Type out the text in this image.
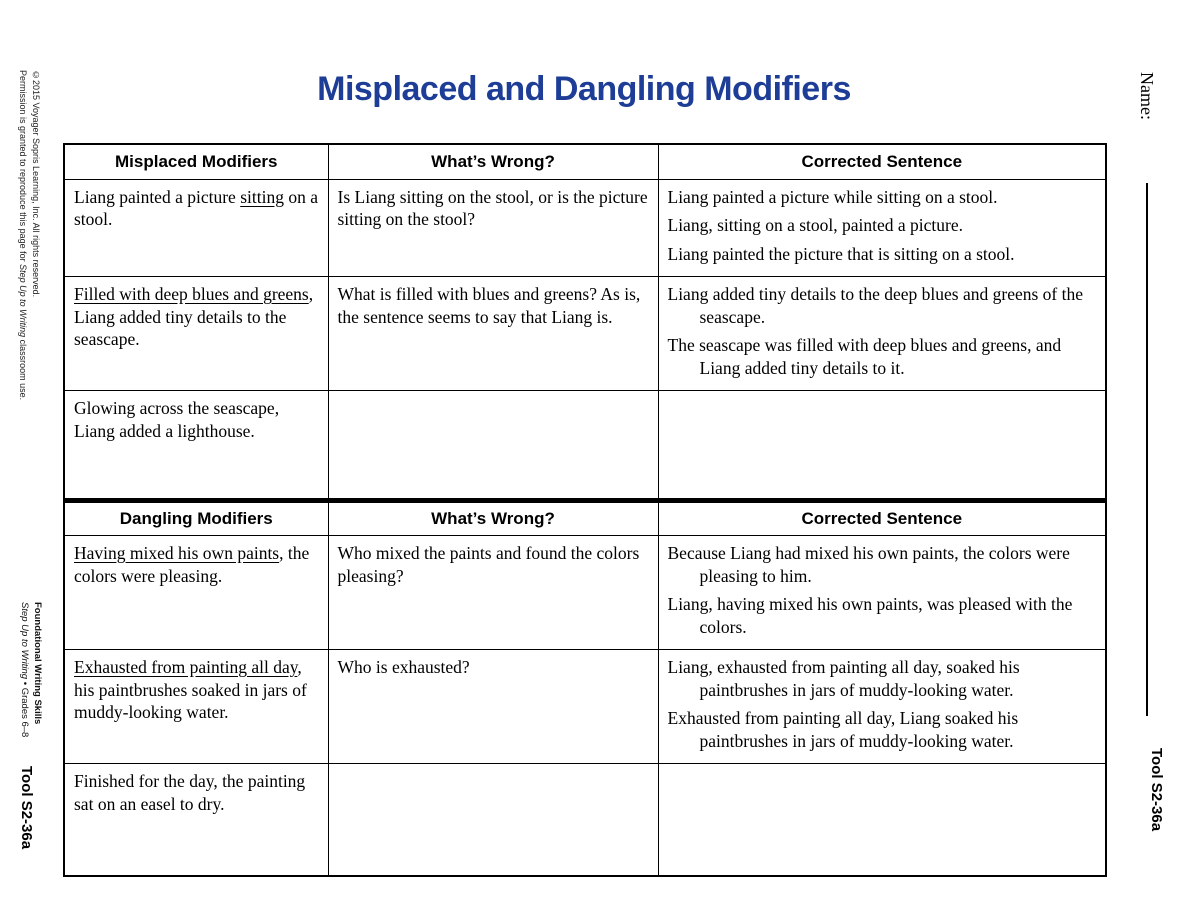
©2015 Voyager Sopris Learning, Inc. All rights reserved.
Permission is granted to reproduce this page for Step Up to Writing classroom use.
Foundational Writing Skills
Step Up to Writing • Grades 6–8
Tool S2-36a
Name:
Tool S2-36a
Misplaced and Dangling Modifiers
Misplaced Modifiers	What’s Wrong?	Corrected Sentence
Liang painted a picture sitting on a stool.	Is Liang sitting on the stool, or is the picture sitting on the stool?	Liang painted a picture while sitting on a stool.
Liang, sitting on a stool, painted a picture.
Liang painted the picture that is sitting on a stool.

Filled with deep blues and greens, Liang added tiny details to the seascape.	What is filled with blues and greens? As is, the sentence seems to say that Liang is.	Liang added tiny details to the deep blues and greens of the seascape.
The seascape was filled with deep blues and greens, and Liang added tiny details to it.

Glowing across the seascape, Liang added a lighthouse.		
Dangling Modifiers	What’s Wrong?	Corrected Sentence
Having mixed his own paints, the colors were pleasing.	Who mixed the paints and found the colors pleasing?	Because Liang had mixed his own paints, the colors were pleasing to him.
Liang, having mixed his own paints, was pleased with the colors.

Exhausted from painting all day, his paintbrushes soaked in jars of muddy-looking water.	Who is exhausted?	Liang, exhausted from painting all day, soaked his paintbrushes in jars of muddy-looking water.
Exhausted from painting all day, Liang soaked his paintbrushes in jars of muddy-looking water.

Finished for the day, the painting sat on an easel to dry.		
